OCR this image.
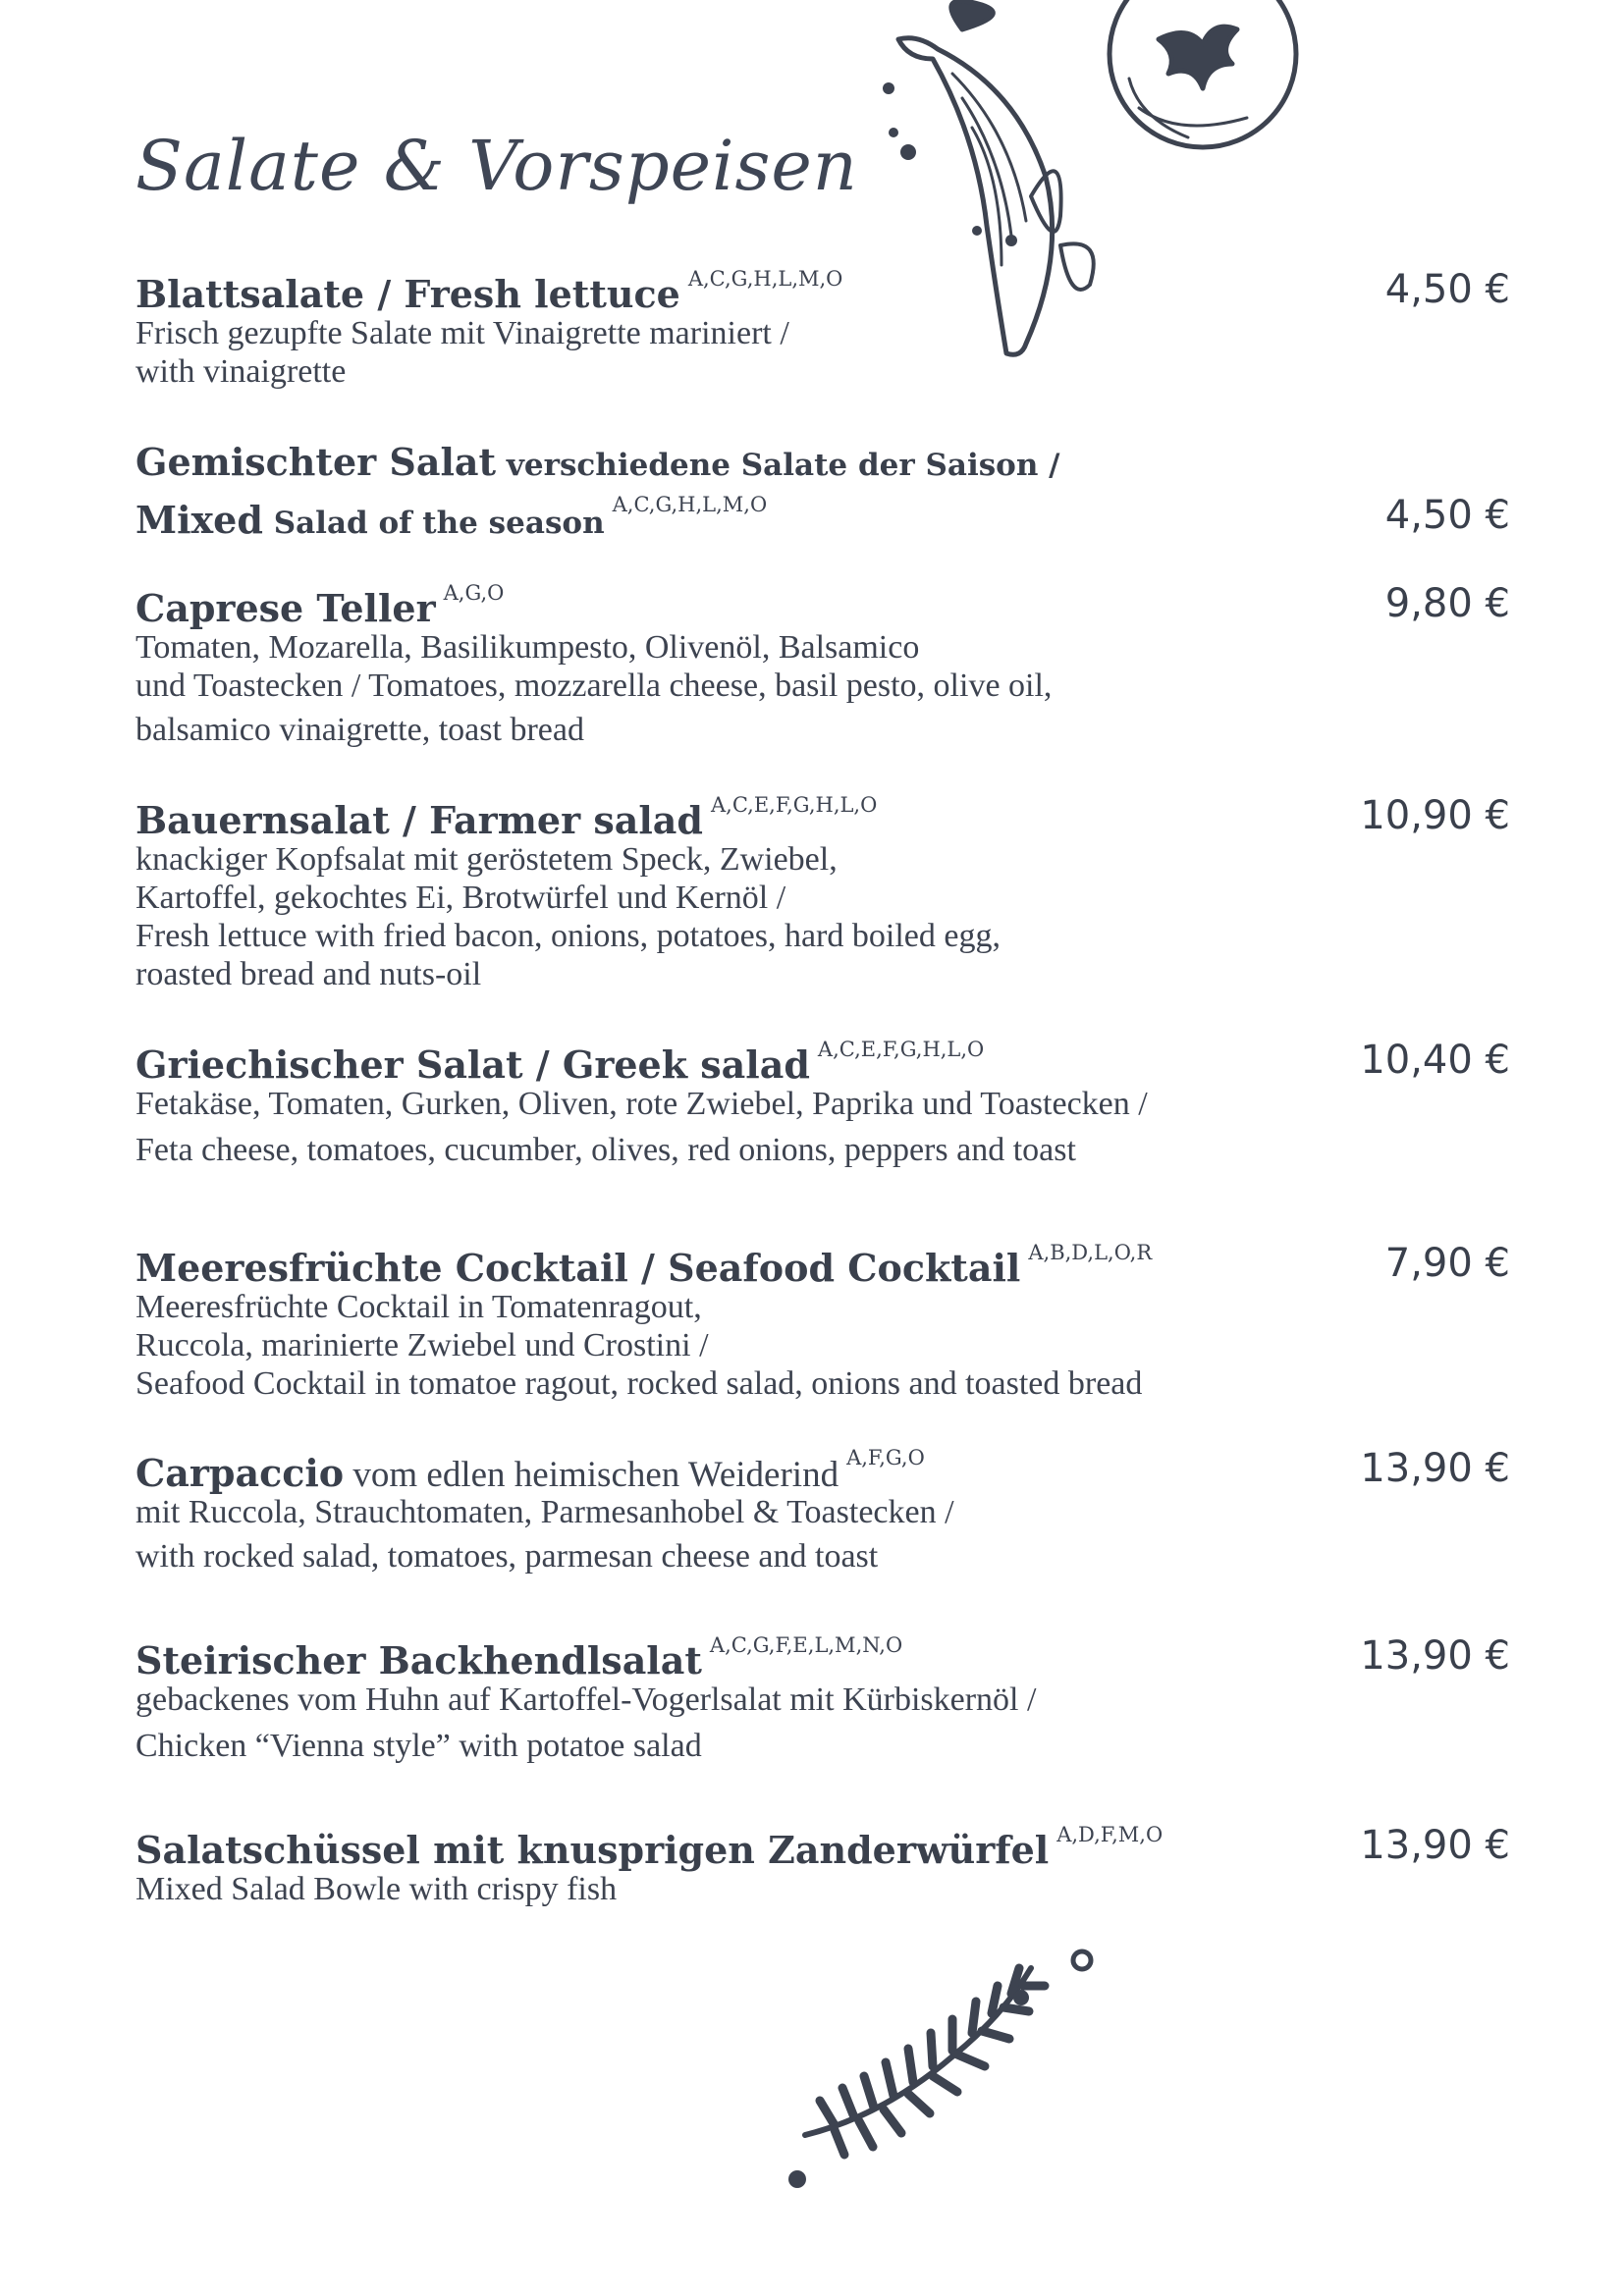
Salate & Vorspeisen
Blattsalate / Fresh lettuce A,C,G,H,L,M,O	4,50 €
Frisch gezupfte Salate mit Vinaigrette mariniert /
with vinaigrette
Gemischter Salat verschiedene Salate der Saison /
Mixed Salad of the seasonA,C,G,H,L,M,O	4,50 €
Caprese Teller A,G,O	9,80 €
Tomaten, Mozarella, Basilikumpesto, Olivenöl, Balsamico
und Toastecken / Tomatoes, mozzarella cheese, basil pesto, olive oil,
balsamico vinaigrette, toast bread
Bauernsalat / Farmer salad A,C,E,F,G,H,L,O	10,90 €
knackiger Kopfsalat mit geröstetem Speck, Zwiebel,
Kartoffel, gekochtes Ei, Brotwürfel und Kernöl /
Fresh lettuce with fried bacon, onions, potatoes, hard boiled egg,
roasted bread and nuts-oil
Griechischer Salat / Greek salad A,C,E,F,G,H,L,O	10,40 €
Fetakäse, Tomaten, Gurken, Oliven, rote Zwiebel, Paprika und Toastecken /
Feta cheese, tomatoes, cucumber, olives, red onions, peppers and toast
Meeresfrüchte Cocktail / Seafood Cocktail A,B,D,L,O,R	7,90 €
Meeresfrüchte Cocktail in Tomatenragout,
Ruccola, marinierte Zwiebel und Crostini /
Seafood Cocktail in tomatoe ragout, rocked salad, onions and toasted bread
Carpaccio vom edlen heimischen Weiderind A,F,G,O	13,90 €
mit Ruccola, Strauchtomaten, Parmesanhobel & Toastecken /
with rocked salad, tomatoes, parmesan cheese and toast
Steirischer Backhendlsalat A,C,G,F,E,L,M,N,O	13,90 €
gebackenes vom Huhn auf Kartoffel-Vogerlsalat mit Kürbiskernöl /
Chicken “Vienna style” with potatoe salad
Salatschüssel mit knusprigen Zanderwürfel A,D,F,M,O	13,90 €
Mixed Salad Bowle with crispy fish
